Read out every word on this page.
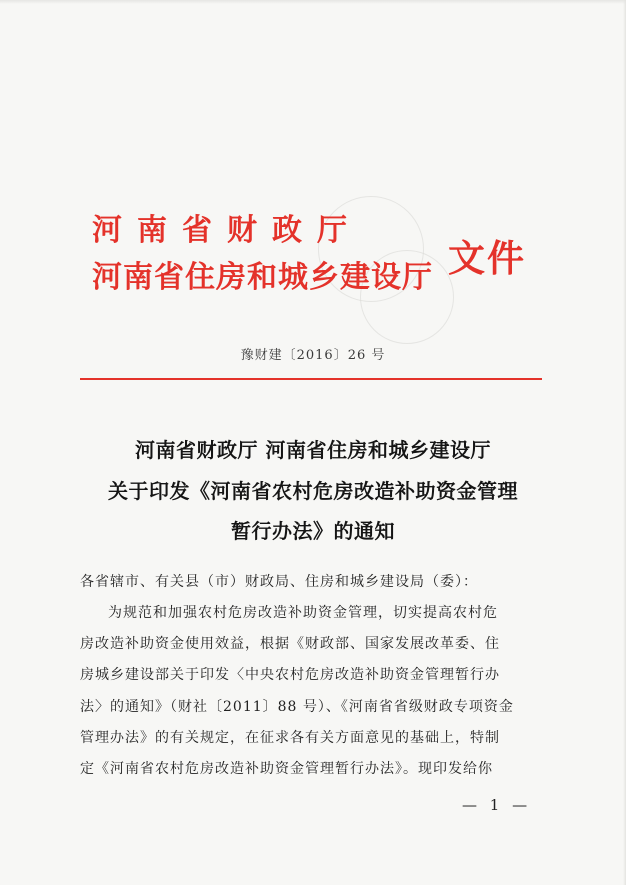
河南省财政厅
河南省住房和城乡建设厅 文件
豫财建〔2016〕26 号
河南省财政厅 河南省住房和城乡建设厅
关于印发《河南省农村危房改造补助资金管理
暂行办法》的通知
各省辖市、有关县（市）财政局、住房和城乡建设局（委）：
为规范和加强农村危房改造补助资金管理，切实提高农村危
房改造补助资金使用效益，根据《财政部、国家发展改革委、住
房城乡建设部关于印发〈中央农村危房改造补助资金管理暂行办
法〉的通知》（财社〔2011〕88 号）、《河南省省级财政专项资金
管理办法》的有关规定，在征求各有关方面意见的基础上，特制
定《河南省农村危房改造补助资金管理暂行办法》。现印发给你
— 1 —
